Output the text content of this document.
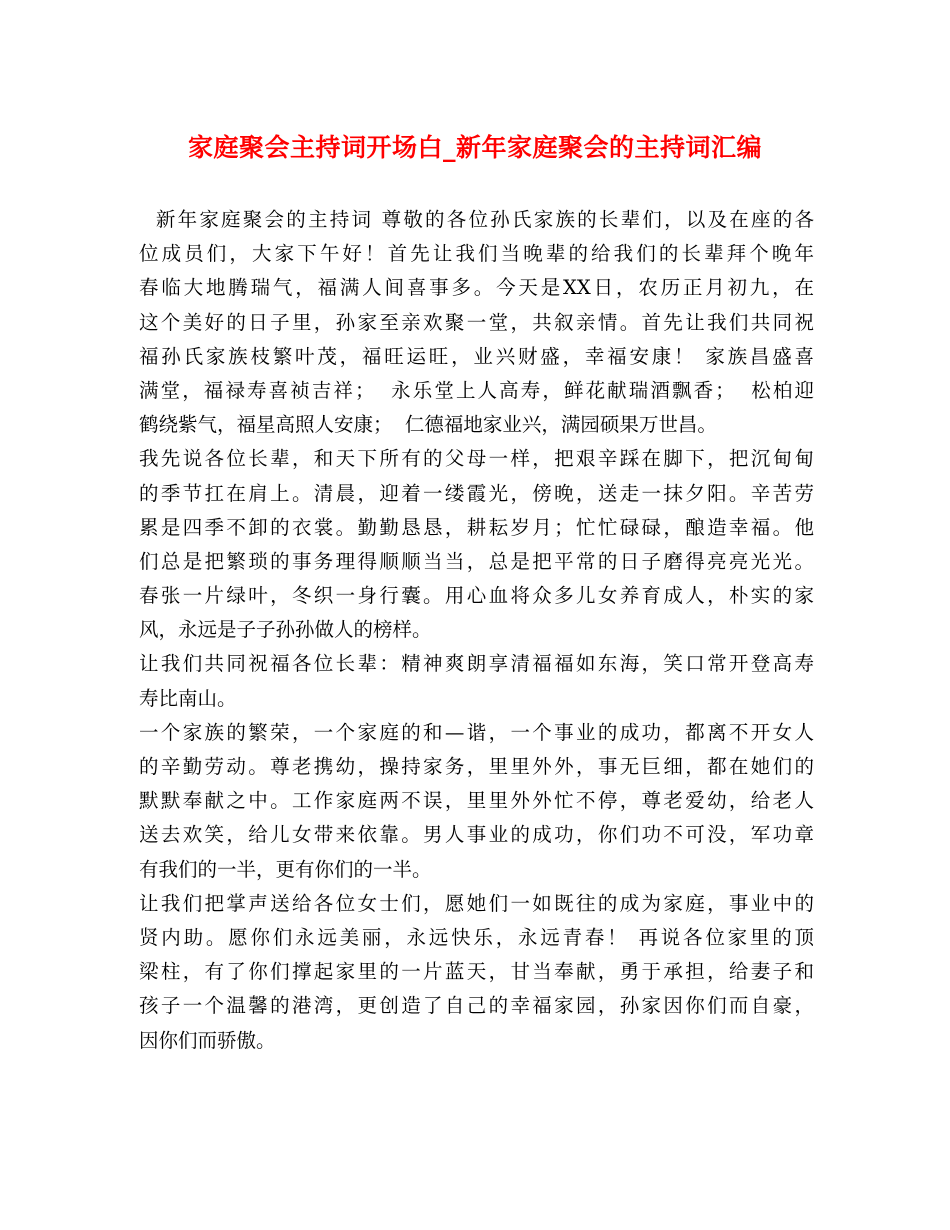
家庭聚会主持词开场白_新年家庭聚会的主持词汇编
新年家庭聚会的主持词 尊敬的各位孙氏家族的长辈们，以及在座的各
位成员们，大家下午好！首先让我们当晚辈的给我们的长辈拜个晚年
春临大地腾瑞气，福满人间喜事多。今天是XX日，农历正月初九，在
这个美好的日子里，孙家至亲欢聚一堂，共叙亲情。首先让我们共同祝
福孙氏家族枝繁叶茂，福旺运旺，业兴财盛，幸福安康！ 家族昌盛喜
满堂，福禄寿喜祯吉祥；  永乐堂上人高寿，鲜花献瑞酒飘香；  松柏迎
鹤绕紫气，福星高照人安康；  仁德福地家业兴，满园硕果万世昌。
我先说各位长辈，和天下所有的父母一样，把艰辛踩在脚下，把沉甸甸
的季节扛在肩上。清晨，迎着一缕霞光，傍晚，送走一抹夕阳。辛苦劳
累是四季不卸的衣裳。勤勤恳恳，耕耘岁月；忙忙碌碌，酿造幸福。他
们总是把繁琐的事务理得顺顺当当，总是把平常的日子磨得亮亮光光。
春张一片绿叶，冬织一身行囊。用心血将众多儿女养育成人，朴实的家
风，永远是子子孙孙做人的榜样。
让我们共同祝福各位长辈：精神爽朗享清福福如东海，笑口常开登高寿
寿比南山。
一个家族的繁荣，一个家庭的和—谐，一个事业的成功，都离不开女人
的辛勤劳动。尊老携幼，操持家务，里里外外，事无巨细，都在她们的
默默奉献之中。工作家庭两不误，里里外外忙不停，尊老爱幼，给老人
送去欢笑，给儿女带来依靠。男人事业的成功，你们功不可没，军功章
有我们的一半，更有你们的一半。
让我们把掌声送给各位女士们，愿她们一如既往的成为家庭，事业中的
贤内助。愿你们永远美丽，永远快乐，永远青春！ 再说各位家里的顶
梁柱，有了你们撑起家里的一片蓝天，甘当奉献，勇于承担，给妻子和
孩子一个温馨的港湾，更创造了自己的幸福家园，孙家因你们而自豪，
因你们而骄傲。
